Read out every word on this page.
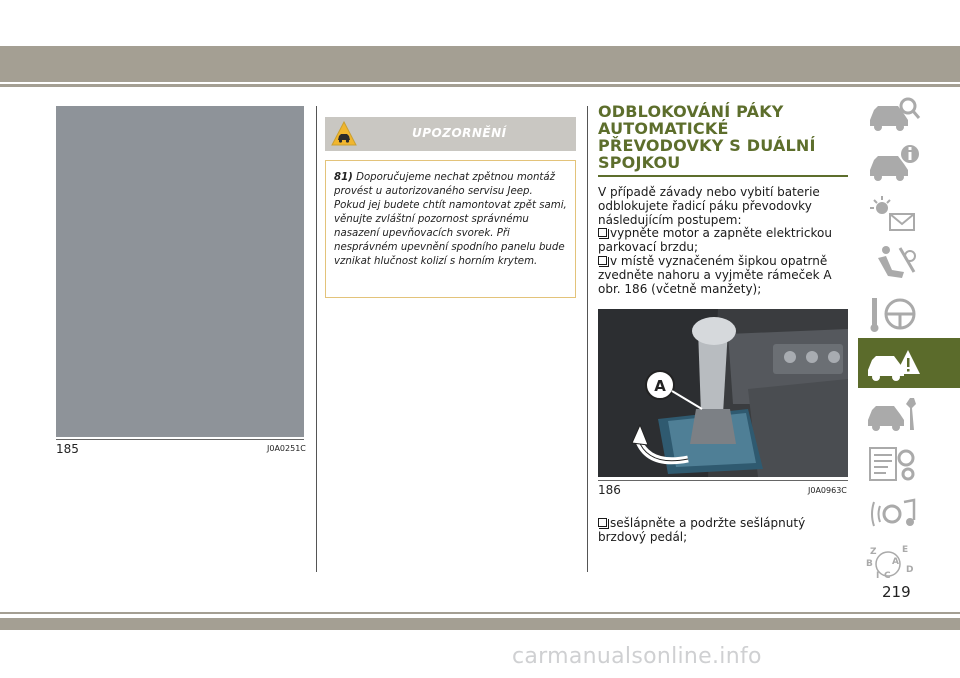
185	J0A0251C
UPOZORNĚNÍ

81) Doporučujeme nechat zpětnou montáž provést u autorizovaného servisu Jeep. Pokud jej budete chtít namontovat zpět sami, věnujte zvláštní pozornost správnému nasazení upevňovacích svorek. Při nesprávném upevnění spodního panelu bude vznikat hlučnost kolizí s horním krytem.

ODBLOKOVÁNÍ PÁKY AUTOMATICKÉ PŘEVODOVKY S DUÁLNÍ SPOJKOU

V případě závady nebo vybití baterie odblokujete řadicí páku převodovky následujícím postupem:

vypněte motor a zapněte elektrickou parkovací brzdu;

v místě vyznačeném šipkou opatrně zvedněte nahoru a vyjměte rámeček A obr. 186 (včetně manžety);

A
186	J0A0963C

sešlápněte a podržte sešlápnutý brzdový pedál;

Z	E
B A
I C
D
219
carmanualsonline.info
